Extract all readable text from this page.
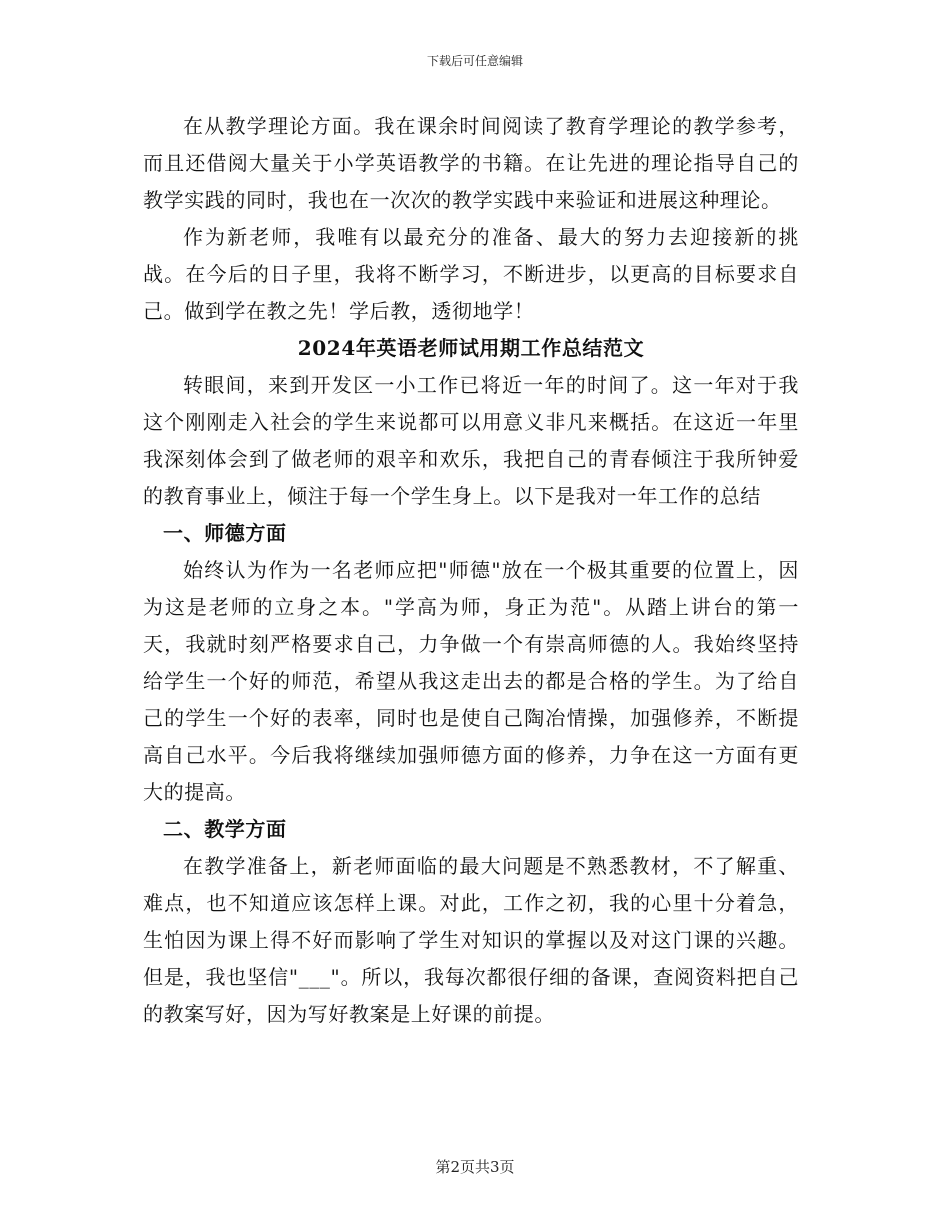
下载后可任意编辑

在从教学理论方面。我在课余时间阅读了教育学理论的教学参考，而且还借阅大量关于小学英语教学的书籍。在让先进的理论指导自己的教学实践的同时，我也在一次次的教学实践中来验证和进展这种理论。

作为新老师，我唯有以最充分的准备、最大的努力去迎接新的挑战。在今后的日子里，我将不断学习，不断进步，以更高的目标要求自己。做到学在教之先！学后教，透彻地学！

2024年英语老师试用期工作总结范文

转眼间，来到开发区一小工作已将近一年的时间了。这一年对于我这个刚刚走入社会的学生来说都可以用意义非凡来概括。在这近一年里我深刻体会到了做老师的艰辛和欢乐，我把自己的青春倾注于我所钟爱的教育事业上，倾注于每一个学生身上。以下是我对一年工作的总结

一、师德方面

始终认为作为一名老师应把"师德"放在一个极其重要的位置上，因为这是老师的立身之本。"学高为师，身正为范"。从踏上讲台的第一天，我就时刻严格要求自己，力争做一个有崇高师德的人。我始终坚持给学生一个好的师范，希望从我这走出去的都是合格的学生。为了给自己的学生一个好的表率，同时也是使自己陶冶情操，加强修养，不断提高自己水平。今后我将继续加强师德方面的修养，力争在这一方面有更大的提高。

二、教学方面

在教学准备上，新老师面临的最大问题是不熟悉教材，不了解重、难点，也不知道应该怎样上课。对此，工作之初，我的心里十分着急，生怕因为课上得不好而影响了学生对知识的掌握以及对这门课的兴趣。但是，我也坚信"___"。所以，我每次都很仔细的备课，查阅资料把自己的教案写好，因为写好教案是上好课的前提。

第2页共3页
